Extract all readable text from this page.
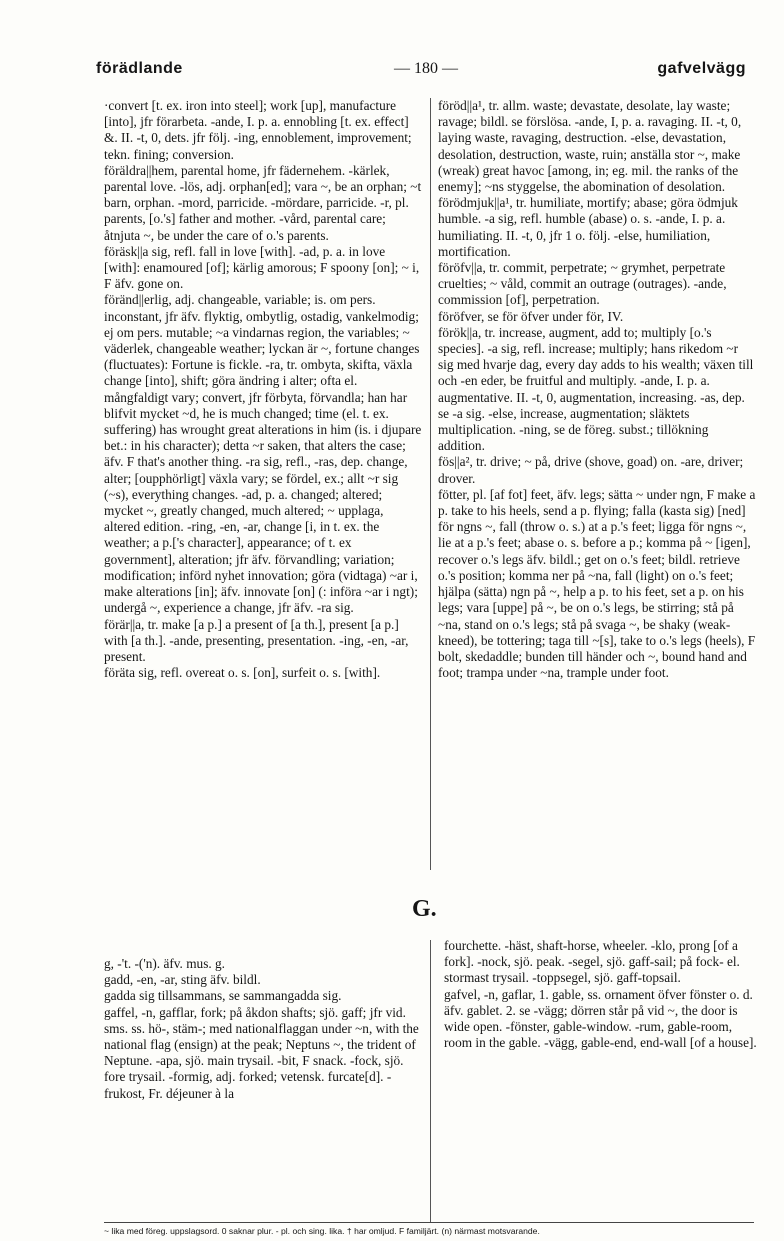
förädlande	— 180 —	gafvelvägg

·convert [t. ex. iron into steel]; work [up], manufacture [into], jfr förarbeta. -ande, I. p. a. ennobling [t. ex. effect] &. II. -t, 0, dets. jfr följ. -ing, ennoblement, improvement; tekn. fining; conversion.

föräldra||hem, parental home, jfr fädernehem. -kärlek, parental love. -lös, adj. orphan[ed]; vara ~, be an orphan; ~t barn, orphan. -mord, parricide. -mördare, parricide. -r, pl. parents, [o.'s] father and mother. -vård, parental care; åtnjuta ~, be under the care of o.'s parents.

föräsk||a sig, refl. fall in love [with]. -ad, p. a. in love [with]: enamoured [of]; kärlig amorous; F spoony [on]; ~ i, F äfv. gone on.

föränd||erlig, adj. changeable, variable; is. om pers. inconstant, jfr äfv. flyktig, ombytlig, ostadig, vankelmodig; ej om pers. mutable; ~a vindarnas region, the variables; ~ väderlek, changeable weather; lyckan är ~, fortune changes (fluctuates): Fortune is fickle. -ra, tr. ombyta, skifta, växla change [into], shift; göra ändring i alter; ofta el. mångfaldigt vary; convert, jfr förbyta, förvandla; han har blifvit mycket ~d, he is much changed; time (el. t. ex. suffering) has wrought great alterations in him (is. i djupare bet.: in his character); detta ~r saken, that alters the case; äfv. F that's another thing. -ra sig, refl., -ras, dep. change, alter; [oupphörligt] växla vary; se fördel, ex.; allt ~r sig (~s), everything changes. -ad, p. a. changed; altered; mycket ~, greatly changed, much altered; ~ upplaga, altered edition. -ring, -en, -ar, change [i, in t. ex. the weather; a p.['s character], appearance; of t. ex government], alteration; jfr äfv. förvandling; variation; modification; införd nyhet innovation; göra (vidtaga) ~ar i, make alterations [in]; äfv. innovate [on] (: införa ~ar i ngt); undergå ~, experience a change, jfr äfv. -ra sig.

förär||a, tr. make [a p.] a present of [a th.], present [a p.] with [a th.]. -ande, presenting, presentation. -ing, -en, -ar, present.

föräta sig, refl. overeat o. s. [on], surfeit o. s. [with].

föröd||a¹, tr. allm. waste; devastate, desolate, lay waste; ravage; bildl. se förslösa. -ande, I, p. a. ravaging. II. -t, 0, laying waste, ravaging, destruction. -else, devastation, desolation, destruction, waste, ruin; anställa stor ~, make (wreak) great havoc [among, in; eg. mil. the ranks of the enemy]; ~ns styggelse, the abomination of desolation.

förödmjuk||a¹, tr. humiliate, mortify; abase; göra ödmjuk humble. -a sig, refl. humble (abase) o. s. -ande, I. p. a. humiliating. II. -t, 0, jfr 1 o. följ. -else, humiliation, mortification.

föröfv||a, tr. commit, perpetrate; ~ grymhet, perpetrate cruelties; ~ våld, commit an outrage (outrages). -ande, commission [of], perpetration.

föröfver, se för öfver under för, IV.

förök||a, tr. increase, augment, add to; multiply [o.'s species]. -a sig, refl. increase; multiply; hans rikedom ~r sig med hvarje dag, every day adds to his wealth; växen till och -en eder, be fruitful and multiply. -ande, I. p. a. augmentative. II. -t, 0, augmentation, increasing. -as, dep. se -a sig. -else, increase, augmentation; släktets multiplication. -ning, se de föreg. subst.; tillökning addition.

fös||a², tr. drive; ~ på, drive (shove, goad) on. -are, driver; drover.

fötter, pl. [af fot] feet, äfv. legs; sätta ~ under ngn, F make a p. take to his heels, send a p. flying; falla (kasta sig) [ned] för ngns ~, fall (throw o. s.) at a p.'s feet; ligga för ngns ~, lie at a p.'s feet; abase o. s. before a p.; komma på ~ [igen], recover o.'s legs äfv. bildl.; get on o.'s feet; bildl. retrieve o.'s position; komma ner på ~na, fall (light) on o.'s feet; hjälpa (sätta) ngn på ~, help a p. to his feet, set a p. on his legs; vara [uppe] på ~, be on o.'s legs, be stirring; stå på ~na, stand on o.'s legs; stå på svaga ~, be shaky (weak-kneed), be tottering; taga till ~[s], take to o.'s legs (heels), F bolt, skedaddle; bunden till händer och ~, bound hand and foot; trampa under ~na, trample under foot.

G.

g, -'t. -('n). äfv. mus. g.

gadd, -en, -ar, sting äfv. bildl.

gadda sig tillsammans, se sammangadda sig.

gaffel, -n, gafflar, fork; på åkdon shafts; sjö. gaff; jfr vid. sms. ss. hö-, stäm-; med nationalflaggan under ~n, with the national flag (ensign) at the peak; Neptuns ~, the trident of Neptune. -apa, sjö. main trysail. -bit, F snack. -fock, sjö. fore trysail. -formig, adj. forked; vetensk. furcate[d]. -frukost, Fr. déjeuner à la

fourchette. -häst, shaft-horse, wheeler. -klo, prong [of a fork]. -nock, sjö. peak. -segel, sjö. gaff-sail; på fock- el. stormast trysail. -toppsegel, sjö. gaff-topsail.

gafvel, -n, gaflar, 1. gable, ss. ornament öfver fönster o. d. äfv. gablet. 2. se -vägg; dörren står på vid ~, the door is wide open. -fönster, gable-window. -rum, gable-room, room in the gable. -vägg, gable-end, end-wall [of a house].

~ lika med föreg. uppslagsord. 0 saknar plur. - pl. och sing. lika. † har omljud. F familjärt. (n) närmast motsvarande.
